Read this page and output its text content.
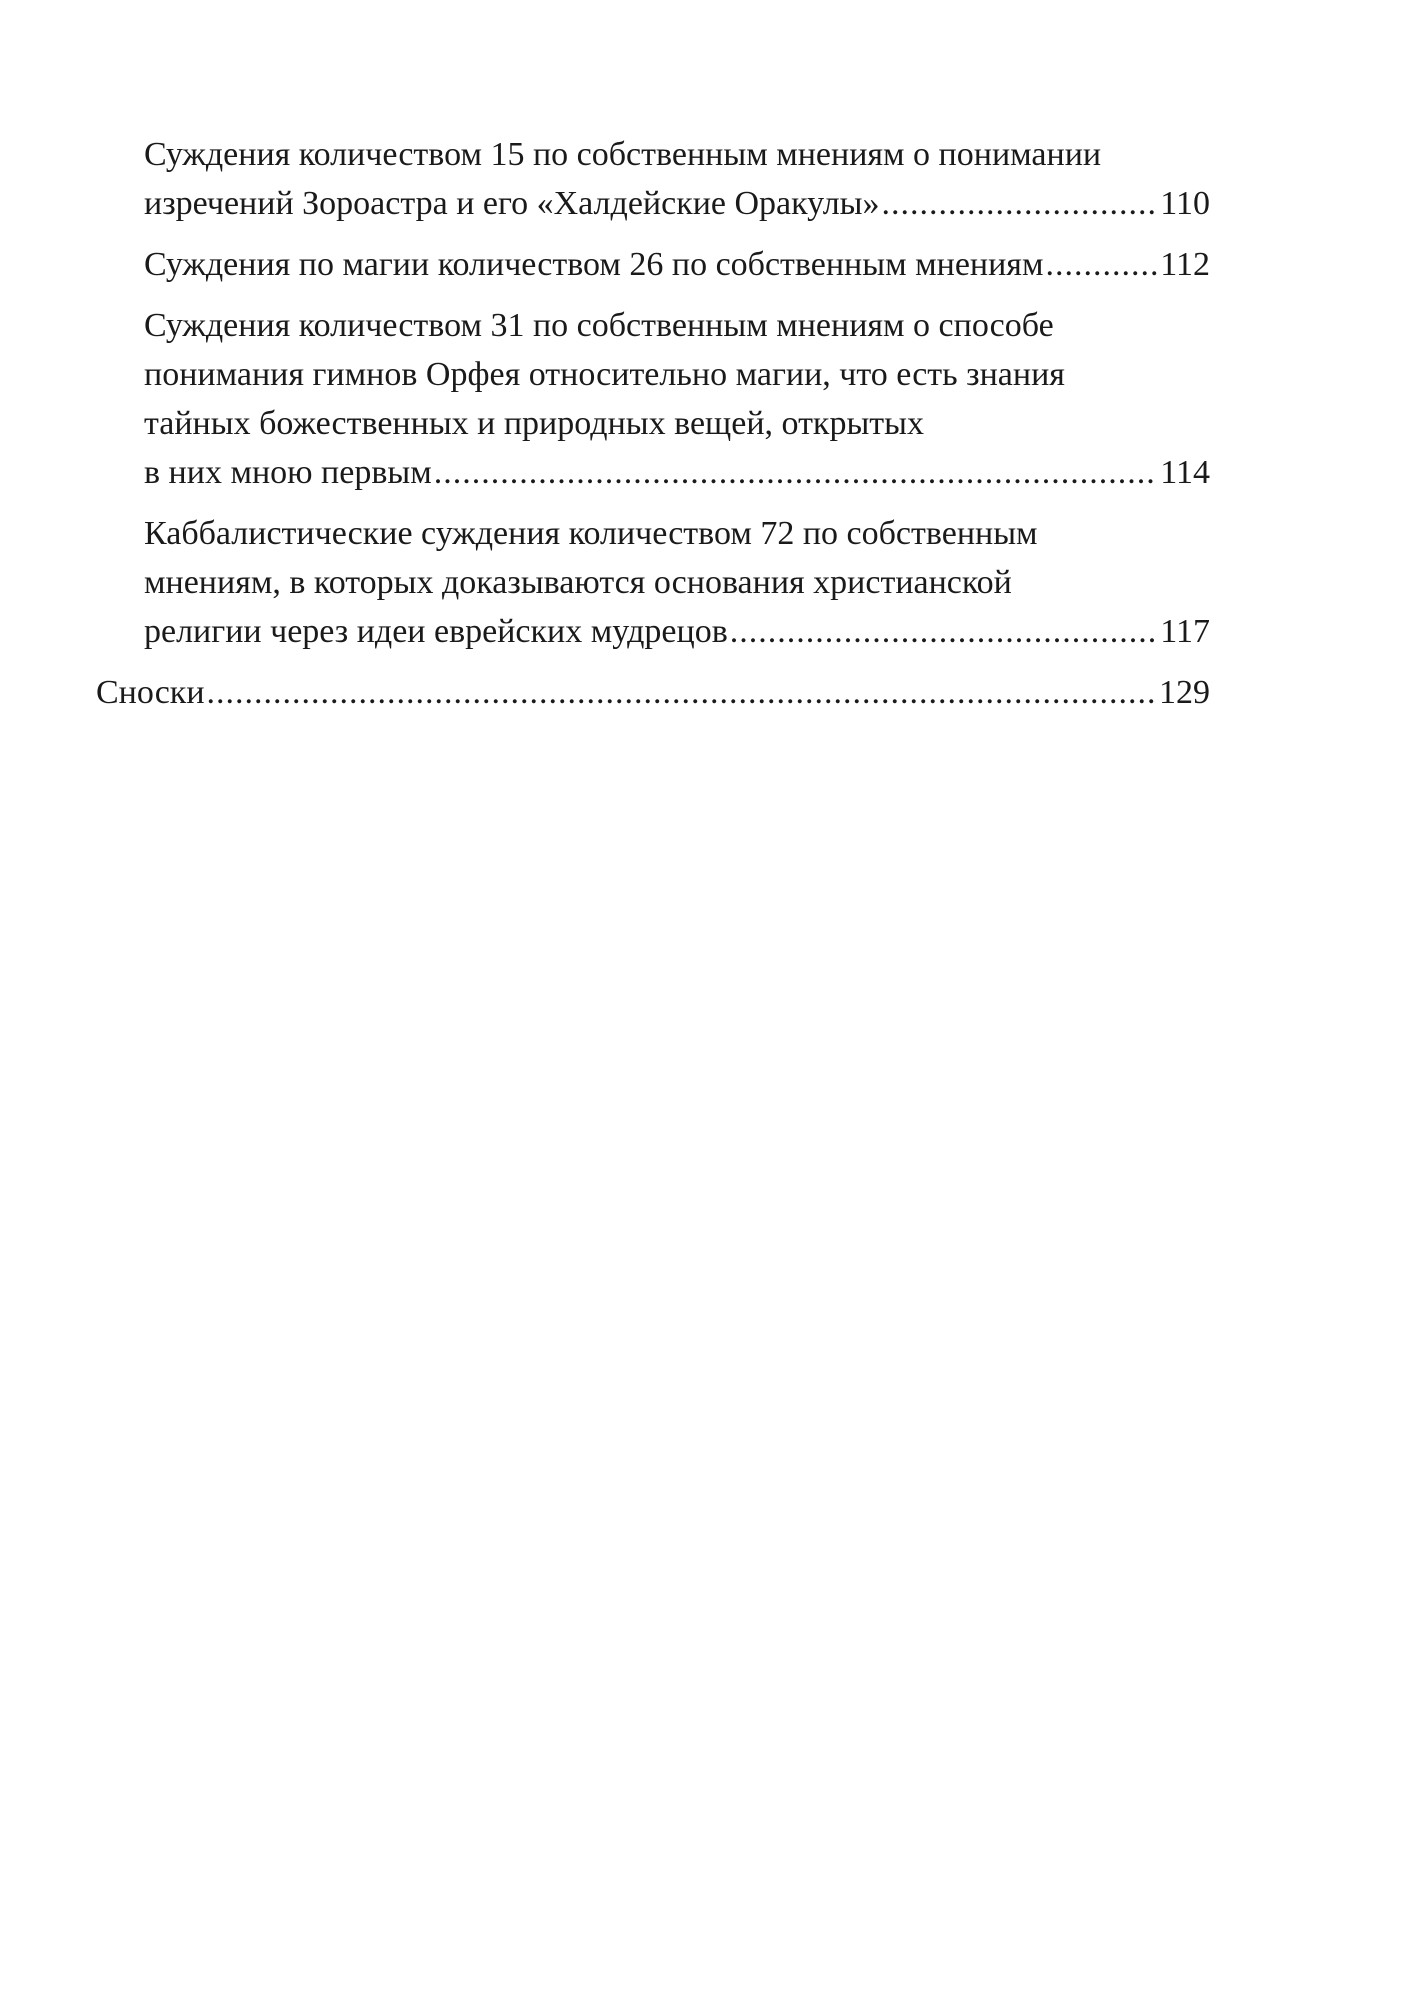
Суждения количеством 15 по собственным мнениям о понимании
изречений Зороастра и его «Халдейские Оракулы» .....	110
Суждения по магии количеством 26 по собственным мнениям .....	112
Суждения количеством 31 по собственным мнениям о способе
понимания гимнов Орфея относительно магии, что есть знания
тайных божественных и природных вещей, открытых
в них мною первым .....	114
Каббалистические суждения количеством 72 по собственным
мнениям, в которых доказываются основания христианской
религии через идеи еврейских мудрецов .....	117
Сноски .....	129
